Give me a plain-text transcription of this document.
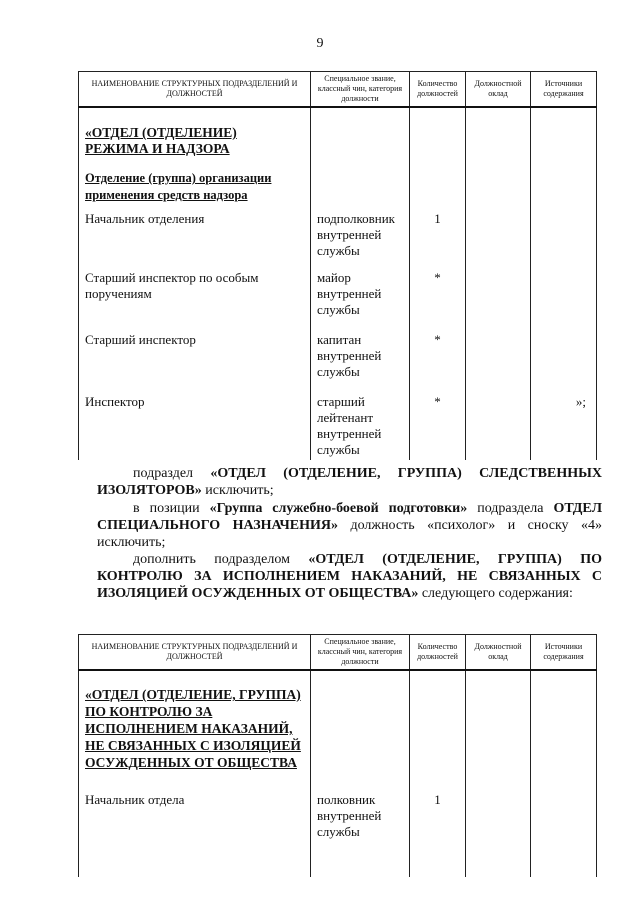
9
НАИМЕНОВАНИЕ СТРУКТУРНЫХ ПОДРАЗДЕЛЕНИЙ И ДОЛЖНОСТЕЙ	Специальное звание, классный чин, категория должности	Количество должностей	Должностной оклад	Источники содержания

«ОТДЕЛ (ОТДЕЛЕНИЕ) РЕЖИМА И НАДЗОРА
Отделение (группа) организации применения средств надзора				

Начальник отделения	подполковник внутренней службы	1		
Старший инспектор по особым поручениям	майор внутренней службы	*		
Старший инспектор	капитан внутренней службы	*		
Инспектор	старший лейтенант внутренней службы	*		»;
подраздел «ОТДЕЛ (ОТДЕЛЕНИЕ, ГРУППА) СЛЕДСТВЕННЫХ ИЗОЛЯТОРОВ» исключить;
в позиции «Группа служебно-боевой подготовки» подраздела ОТДЕЛ СПЕЦИАЛЬНОГО НАЗНАЧЕНИЯ» должность «психолог» и сноску «4» исключить;
дополнить подразделом «ОТДЕЛ (ОТДЕЛЕНИЕ, ГРУППА) ПО КОНТРОЛЮ ЗА ИСПОЛНЕНИЕМ НАКАЗАНИЙ, НЕ СВЯЗАННЫХ С ИЗОЛЯЦИЕЙ ОСУЖДЕННЫХ ОТ ОБЩЕСТВА» следующего содержания:
НАИМЕНОВАНИЕ СТРУКТУРНЫХ ПОДРАЗДЕЛЕНИЙ И ДОЛЖНОСТЕЙ	Специальное звание, классный чин, категория должности	Количество должностей	Должностной оклад	Источники содержания

«ОТДЕЛ (ОТДЕЛЕНИЕ, ГРУППА) ПО КОНТРОЛЮ ЗА ИСПОЛНЕНИЕМ НАКАЗАНИЙ, НЕ СВЯЗАННЫХ С ИЗОЛЯЦИЕЙ ОСУЖДЕННЫХ ОТ ОБЩЕСТВА				

Начальник отдела	полковник внутренней службы	1		
